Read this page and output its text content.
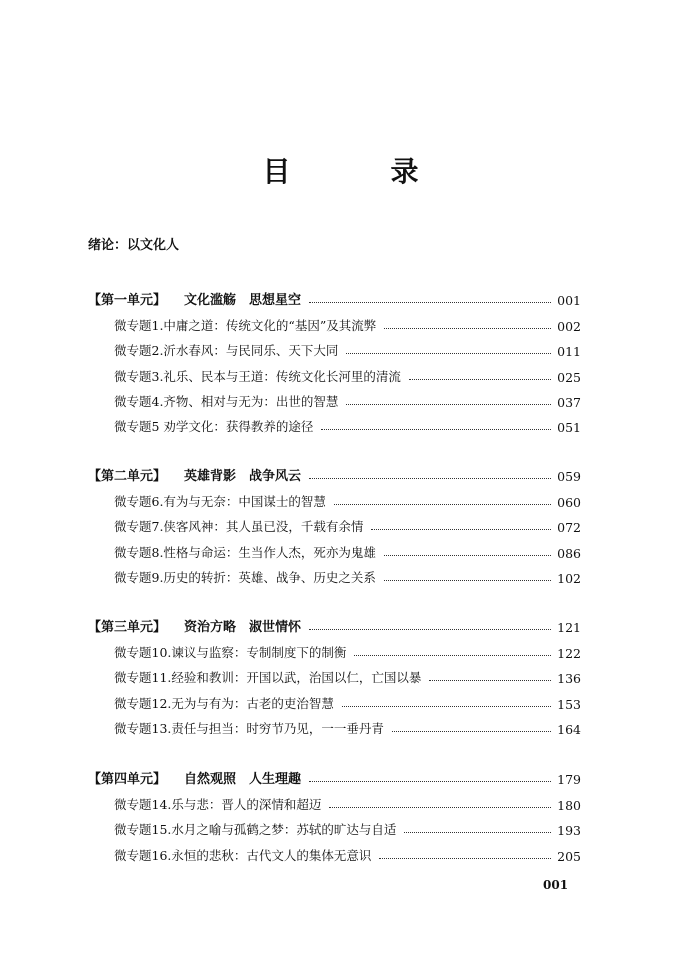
目　录
绪论：以文化人
【第一单元】 文化滥觞　思想星空	001
微专题1.中庸之道：传统文化的“基因”及其流弊	002
微专题2.沂水春风：与民同乐、天下大同	011
微专题3.礼乐、民本与王道：传统文化长河里的清流	025
微专题4.齐物、相对与无为：出世的智慧	037
微专题5 劝学文化：获得教养的途径	051
【第二单元】 英雄背影　战争风云	059
微专题6.有为与无奈：中国谋士的智慧	060
微专题7.侠客风神：其人虽已没，千载有余情	072
微专题8.性格与命运：生当作人杰，死亦为鬼雄	086
微专题9.历史的转折：英雄、战争、历史之关系	102
【第三单元】 资治方略　淑世情怀	121
微专题10.谏议与监察：专制制度下的制衡	122
微专题11.经验和教训：开国以武，治国以仁，亡国以暴	136
微专题12.无为与有为：古老的吏治智慧	153
微专题13.责任与担当：时穷节乃见，一一垂丹青	164
【第四单元】 自然观照　人生理趣	179
微专题14.乐与悲：晋人的深情和超迈	180
微专题15.水月之喻与孤鹤之梦：苏轼的旷达与自适	193
微专题16.永恒的悲秋：古代文人的集体无意识	205
001
